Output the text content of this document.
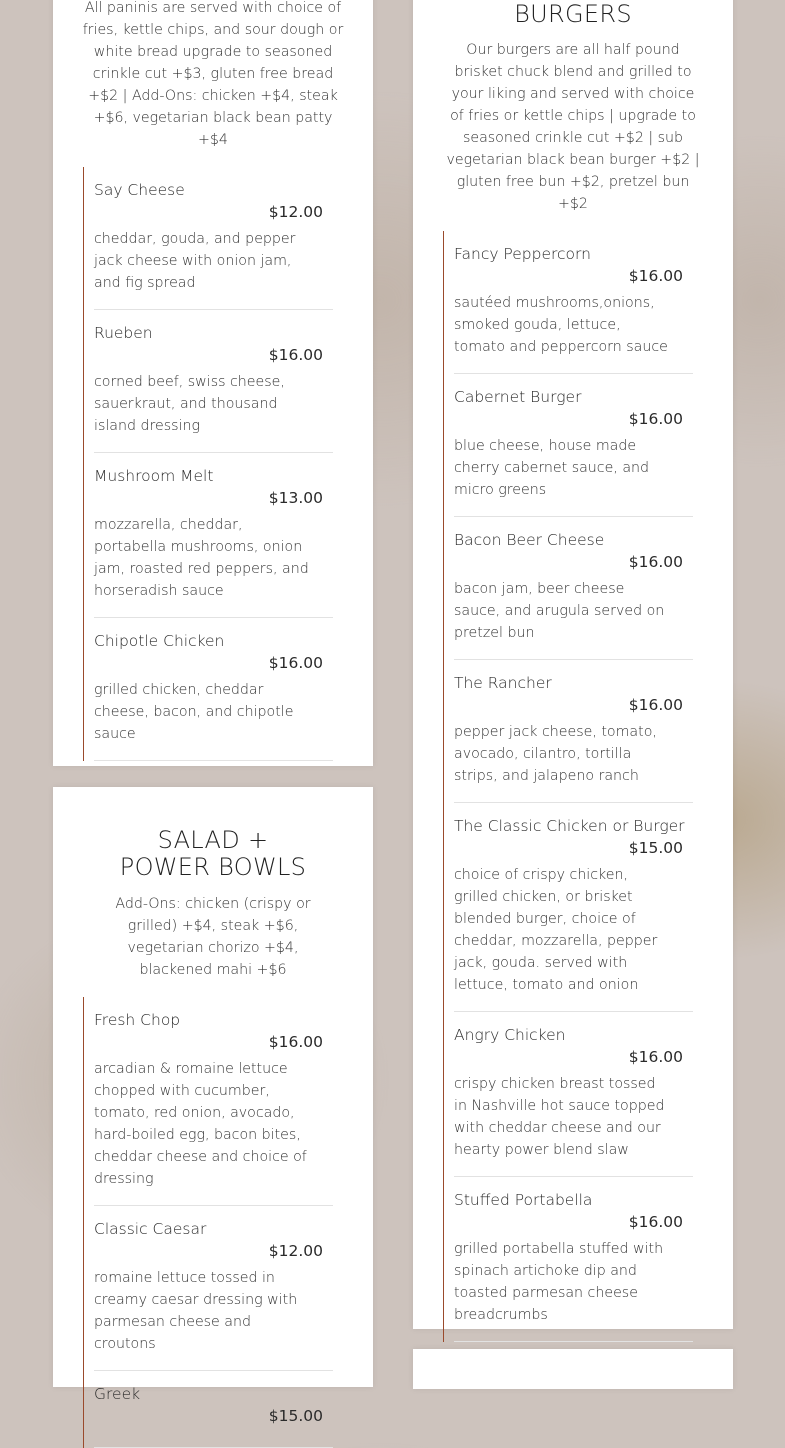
All paninis are served with choice of fries, kettle chips, and sour dough or white bread upgrade to seasoned crinkle cut +$3, gluten free bread +$2 | Add-Ons: chicken +$4, steak +$6, vegetarian black bean patty +$4
Say Cheese
$12.00
cheddar, gouda, and pepper jack cheese with onion jam, and fig spread
Rueben
$16.00
corned beef, swiss cheese, sauerkraut, and thousand island dressing
Mushroom Melt
$13.00
mozzarella, cheddar, portabella mushrooms, onion jam, roasted red peppers, and horseradish sauce
Chipotle Chicken
$16.00
grilled chicken, cheddar cheese, bacon, and chipotle sauce
SALAD + POWER BOWLS
Add-Ons: chicken (crispy or grilled) +$4, steak +$6, vegetarian chorizo +$4, blackened mahi +$6
Fresh Chop
$16.00
arcadian & romaine lettuce chopped with cucumber, tomato, red onion, avocado, hard-boiled egg, bacon bites, cheddar cheese and choice of dressing
Classic Caesar
$12.00
romaine lettuce tossed in creamy caesar dressing with parmesan cheese and croutons
Greek
$15.00
BURGERS
Our burgers are all half pound brisket chuck blend and grilled to your liking and served with choice of fries or kettle chips | upgrade to seasoned crinkle cut +$2 | sub vegetarian black bean burger +$2 | gluten free bun +$2, pretzel bun +$2
Fancy Peppercorn
$16.00
sautéed mushrooms,onions, smoked gouda, lettuce, tomato and peppercorn sauce
Cabernet Burger
$16.00
blue cheese, house made cherry cabernet sauce, and micro greens
Bacon Beer Cheese
$16.00
bacon jam, beer cheese sauce, and arugula served on pretzel bun
The Rancher
$16.00
pepper jack cheese, tomato, avocado, cilantro, tortilla strips, and jalapeno ranch
The Classic Chicken or Burger
$15.00
choice of crispy chicken, grilled chicken, or brisket blended burger, choice of cheddar, mozzarella, pepper jack, gouda. served with lettuce, tomato and onion
Angry Chicken
$16.00
crispy chicken breast tossed in Nashville hot sauce topped with cheddar cheese and our hearty power blend slaw
Stuffed Portabella
$16.00
grilled portabella stuffed with spinach artichoke dip and toasted parmesan cheese breadcrumbs
